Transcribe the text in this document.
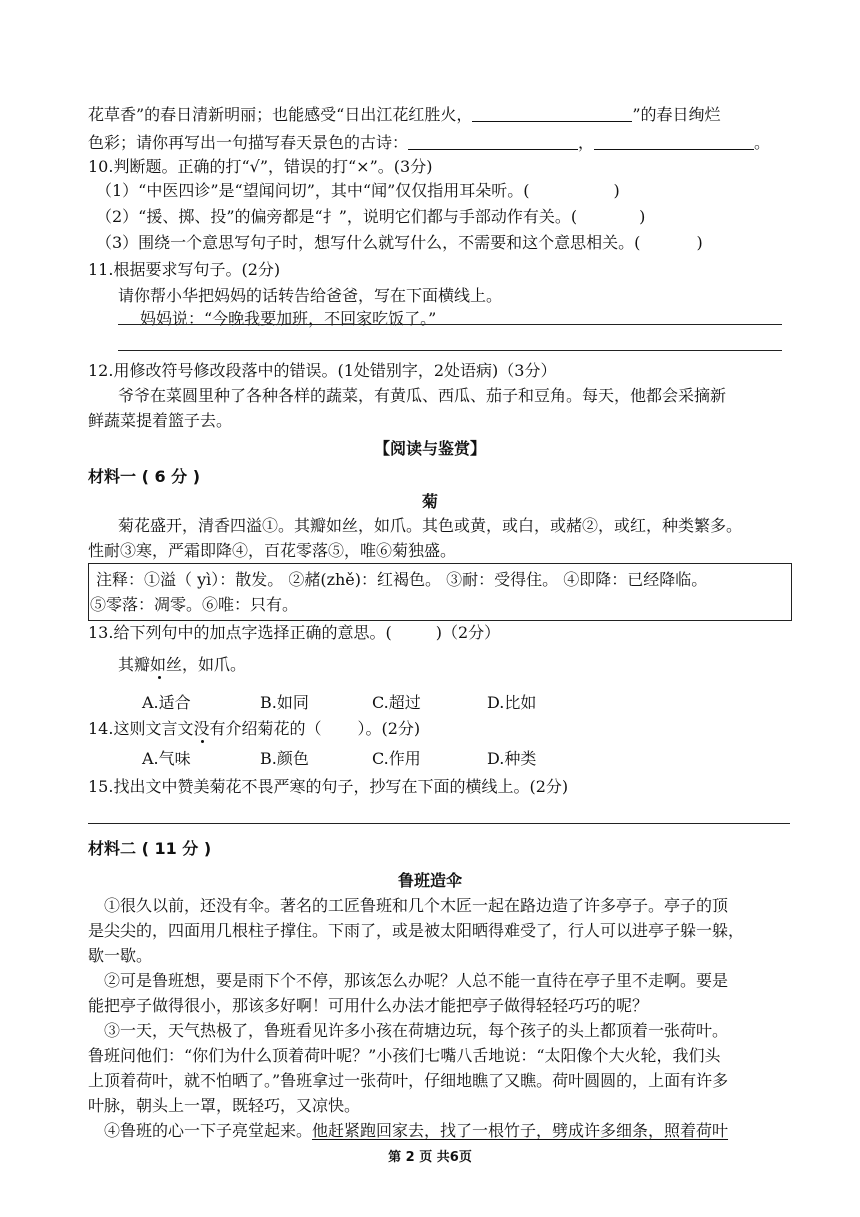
花草香”的春日清新明丽；也能感受“日出江花红胜火，	”的春日绚烂
色彩；请你再写出一句描写春天景色的古诗：	，	。
10.判断题。正确的打“√”，错误的打“×”。(3分)
（1）“中医四诊”是“望闻问切”，其中“闻”仅仅指用耳朵听。(	)
（2）“援、掷、投”的偏旁都是“扌”，说明它们都与手部动作有关。(	)
（3）围绕一个意思写句子时，想写什么就写什么，不需要和这个意思相关。(	)
11.根据要求写句子。(2分)
请你帮小华把妈妈的话转告给爸爸，写在下面横线上。
妈妈说：“今晚我要加班，不回家吃饭了。”
12.用修改符号修改段落中的错误。(1处错别字，2处语病)（3分）
爷爷在菜圆里种了各种各样的蔬菜，有黄瓜、西瓜、茄子和豆角。每天，他都会采摘新
鲜蔬菜提着篮子去。
【阅读与鉴赏】
材料一 ( 6 分 )
菊
菊花盛开，清香四溢①。其瓣如丝，如爪。其色或黄，或白，或赭②，或红，种类繁多。
性耐③寒，严霜即降④，百花零落⑤，唯⑥菊独盛。
注释：①溢（ yì）：散发。 ②赭(zhě)：红褐色。 ③耐：受得住。 ④即降：已经降临。
⑤零落：凋零。⑥唯：只有。
13.给下列句中的加点字选择正确的意思。(	)（2分）
其瓣如丝，如爪。
A.适合	B.如同	C.超过	D.比如
14.这则文言文没有介绍菊花的（ ）。(2分)
A.气味	B.颜色	C.作用	D.种类
15.找出文中赞美菊花不畏严寒的句子，抄写在下面的横线上。(2分)
材料二 ( 11 分 )
鲁班造伞
①很久以前，还没有伞。著名的工匠鲁班和几个木匠一起在路边造了许多亭子。亭子的顶
是尖尖的，四面用几根柱子撑住。下雨了，或是被太阳晒得难受了，行人可以进亭子躲一躲，
歇一歇。
②可是鲁班想，要是雨下个不停，那该怎么办呢？人总不能一直待在亭子里不走啊。要是
能把亭子做得很小，那该多好啊！可用什么办法才能把亭子做得轻轻巧巧的呢？
③一天，天气热极了，鲁班看见许多小孩在荷塘边玩，每个孩子的头上都顶着一张荷叶。
鲁班问他们：“你们为什么顶着荷叶呢？”小孩们七嘴八舌地说：“太阳像个大火轮，我们头
上顶着荷叶，就不怕晒了。”鲁班拿过一张荷叶，仔细地瞧了又瞧。荷叶圆圆的，上面有许多
叶脉，朝头上一罩，既轻巧，又凉快。
④鲁班的心一下子亮堂起来。他赶紧跑回家去，找了一根竹子，劈成许多细条，照着荷叶
第 2 页 共6页
